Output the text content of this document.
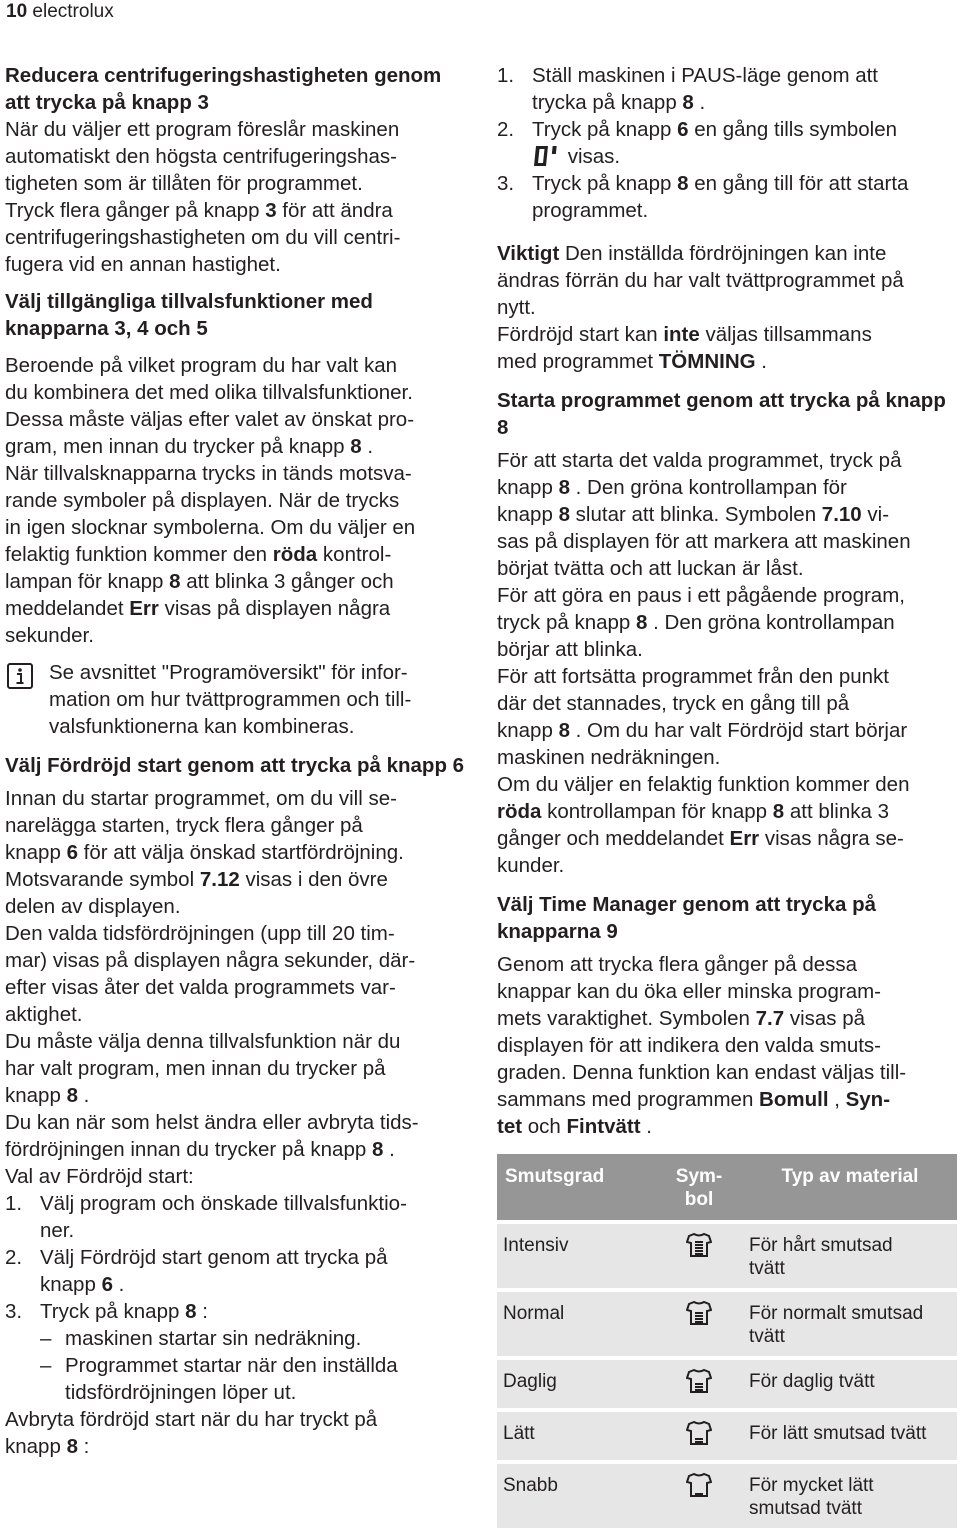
10 electrolux
Reducera centrifugeringshastigheten genom att trycka på knapp 3

När du väljer ett program föreslår maskinen
automatiskt den högsta centrifugeringshas-
tigheten som är tillåten för programmet.
Tryck flera gånger på knapp 3 för att ändra
centrifugeringshastigheten om du vill centri-
fugera vid en annan hastighet.

Välj tillgängliga tillvalsfunktioner med knapparna 3, 4 och 5

Beroende på vilket program du har valt kan
du kombinera det med olika tillvalsfunktioner.
Dessa måste väljas efter valet av önskat pro-
gram, men innan du trycker på knapp 8 .
När tillvalsknapparna trycks in tänds motsva-
rande symboler på displayen. När de trycks
in igen slocknar symbolerna. Om du väljer en
felaktig funktion kommer den röda kontrol-
lampan för knapp 8 att blinka 3 gånger och
meddelandet Err visas på displayen några
sekunder.

Se avsnittet "Programöversikt" för infor-
mation om hur tvättprogrammen och till-
valsfunktionerna kan kombineras.
Välj Fördröjd start genom att trycka på knapp 6

Innan du startar programmet, om du vill se-
narelägga starten, tryck flera gånger på
knapp 6 för att välja önskad startfördröjning.
Motsvarande symbol 7.12 visas i den övre
delen av displayen.
Den valda tidsfördröjningen (upp till 20 tim-
mar) visas på displayen några sekunder, där-
efter visas åter det valda programmets var-
aktighet.
Du måste välja denna tillvalsfunktion när du
har valt program, men innan du trycker på
knapp 8 .
Du kan när som helst ändra eller avbryta tids-
fördröjningen innan du trycker på knapp 8 .
Val av Fördröjd start:

1. Välj program och önskade tillvalsfunktio-
ner.
2. Välj Fördröjd start genom att trycka på
knapp 6 .
3. Tryck på knapp 8 :
– maskinen startar sin nedräkning.
– Programmet startar när den inställda
tidsfördröjningen löper ut.

Avbryta fördröjd start när du har tryckt på
knapp 8 :

1. Ställ maskinen i PAUS-läge genom att
trycka på knapp 8 .
2. Tryck på knapp 6 en gång tills symbolen
visas.
3. Tryck på knapp 8 en gång till för att starta
programmet.

Viktigt Den inställda fördröjningen kan inte
ändras förrän du har valt tvättprogrammet på
nytt.
Fördröjd start kan inte väljas tillsammans
med programmet TÖMNING .

Starta programmet genom att trycka på knapp 8

För att starta det valda programmet, tryck på
knapp 8 . Den gröna kontrollampan för
knapp 8 slutar att blinka. Symbolen 7.10 vi-
sas på displayen för att markera att maskinen
börjat tvätta och att luckan är låst.
För att göra en paus i ett pågående program,
tryck på knapp 8 . Den gröna kontrollampan
börjar att blinka.
För att fortsätta programmet från den punkt
där det stannades, tryck en gång till på
knapp 8 . Om du har valt Fördröjd start börjar
maskinen nedräkningen.
Om du väljer en felaktig funktion kommer den
röda kontrollampan för knapp 8 att blinka 3
gånger och meddelandet Err visas några se-
kunder.

Välj Time Manager genom att trycka på knapparna 9

Genom att trycka flera gånger på dessa
knappar kan du öka eller minska program-
mets varaktighet. Symbolen 7.7 visas på
displayen för att indikera den valda smuts-
graden. Denna funktion kan endast väljas till-
sammans med programmen Bomull , Syn-
tet och Fintvätt .

Smutsgrad	Sym-
bol	Typ av material
Intensiv		För hårt smutsad
tvätt
Normal		För normalt smutsad
tvätt
Daglig		För daglig tvätt
Lätt		För lätt smutsad tvätt
Snabb		För mycket lätt
smutsad tvätt
